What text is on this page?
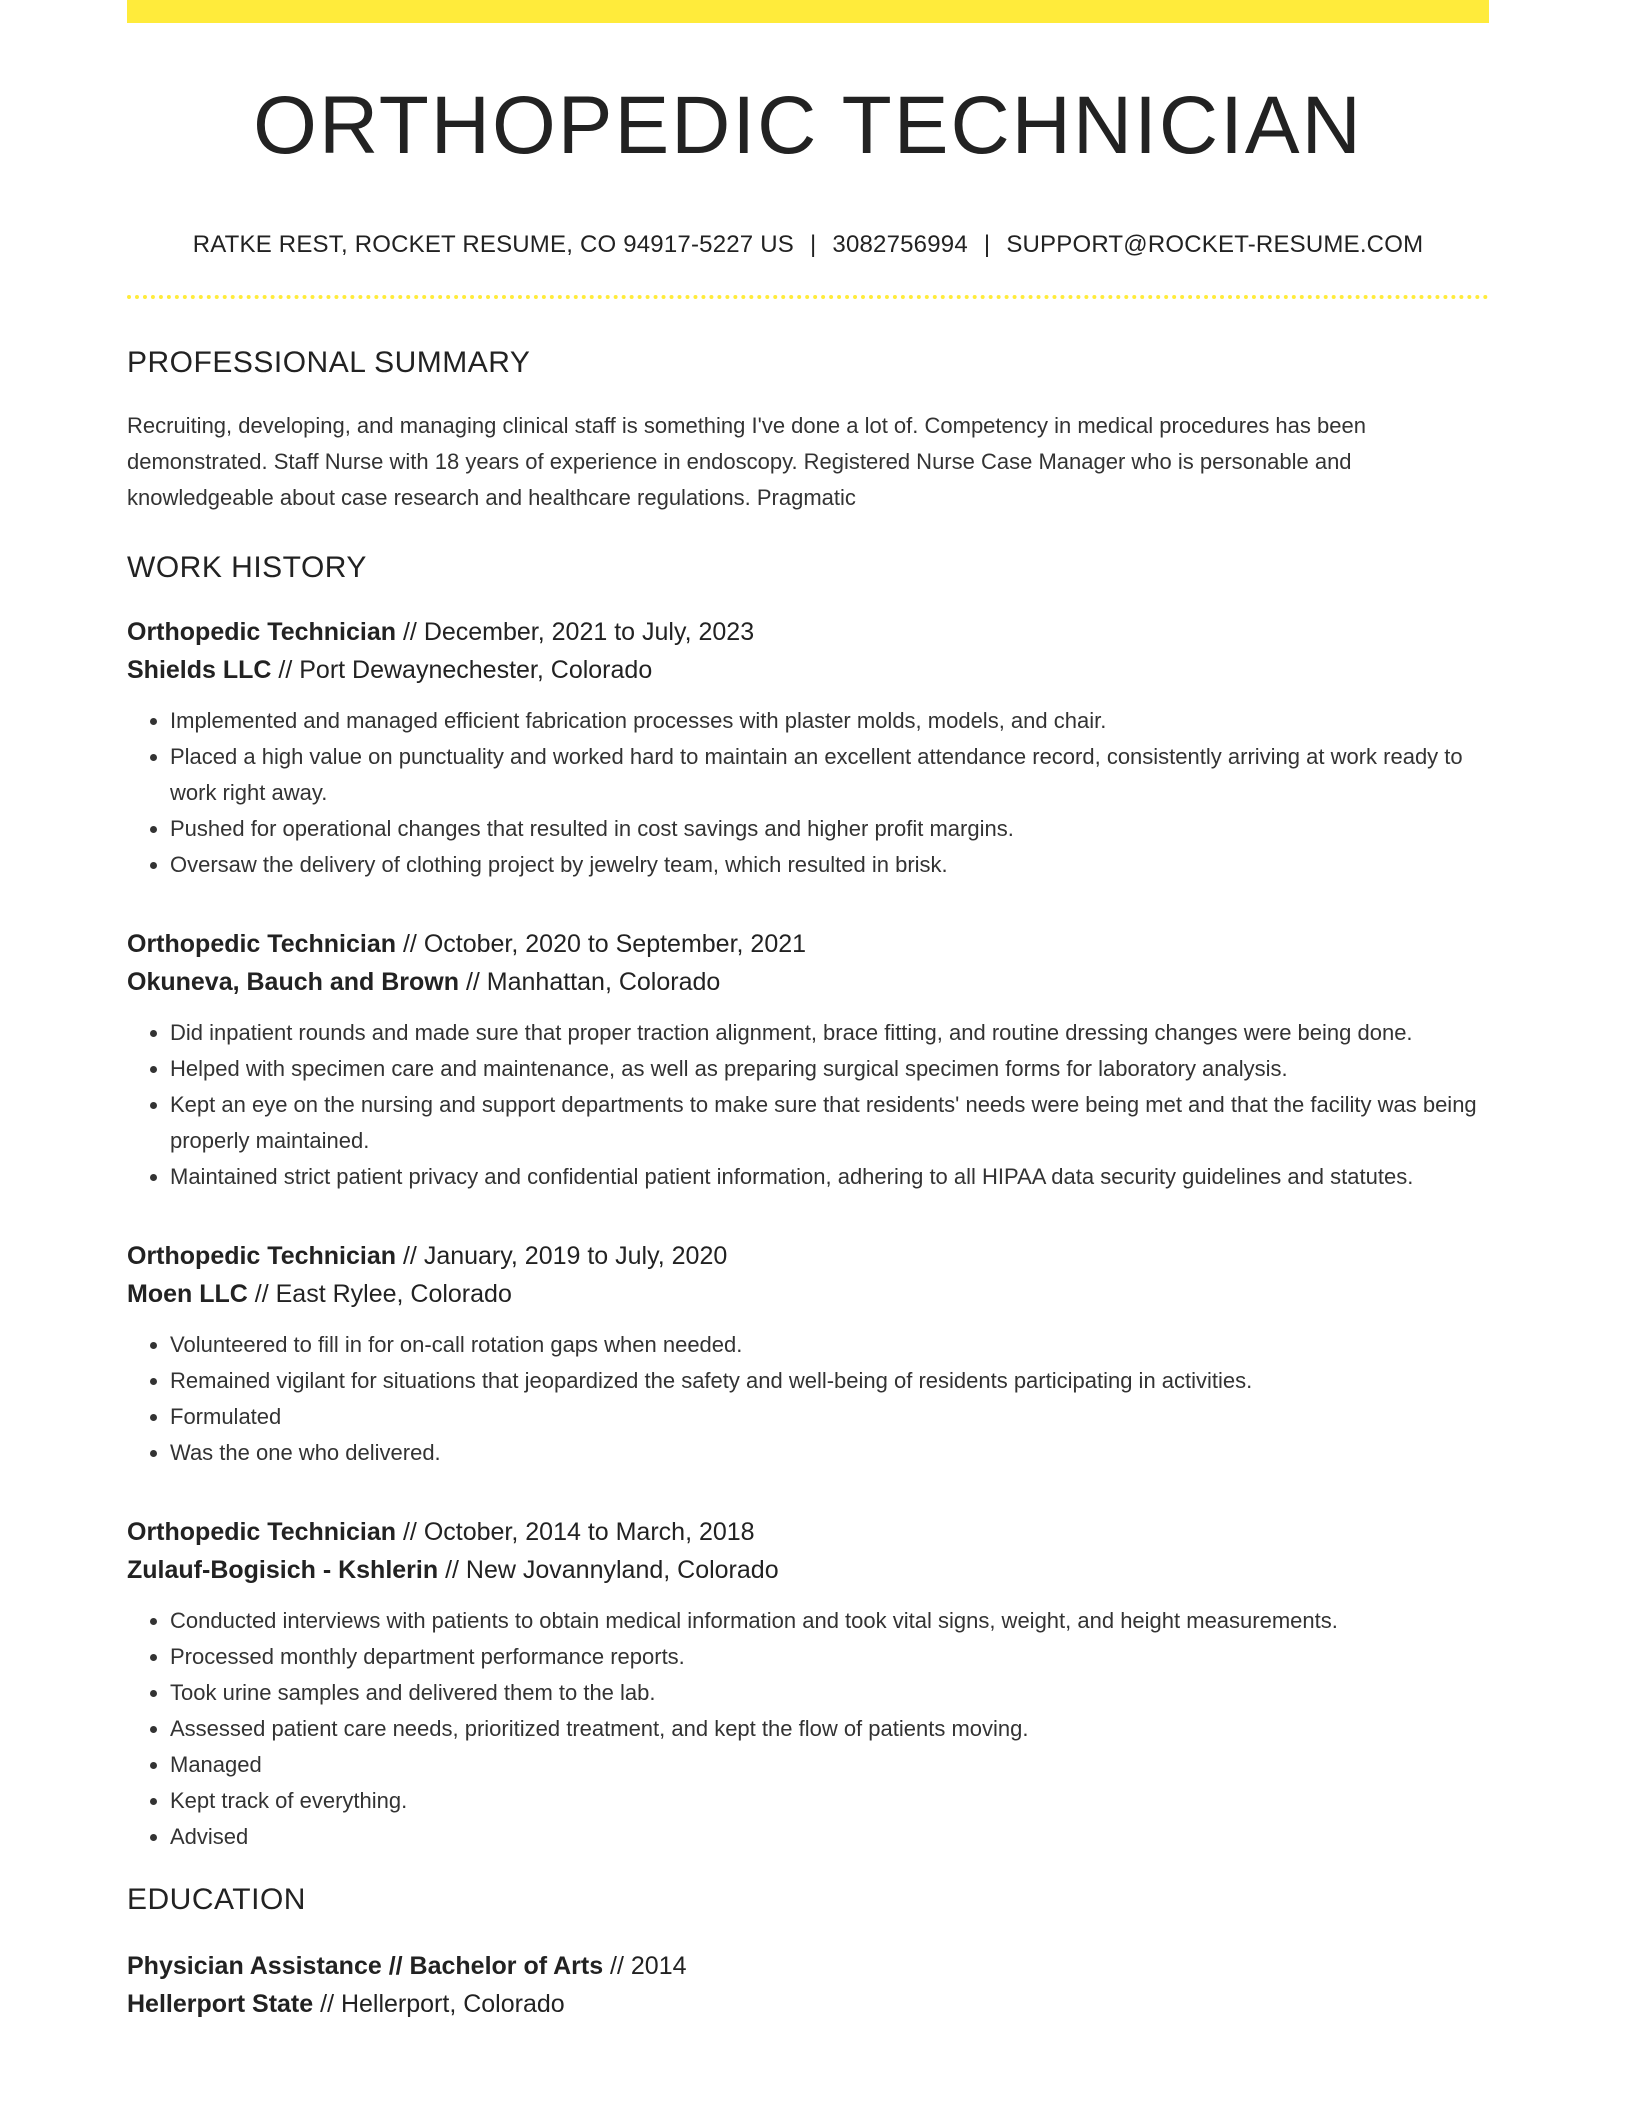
ORTHOPEDIC TECHNICIAN
RATKE REST, ROCKET RESUME, CO 94917-5227 US | 3082756994 | SUPPORT@ROCKET-RESUME.COM
PROFESSIONAL SUMMARY
Recruiting, developing, and managing clinical staff is something I've done a lot of. Competency in medical procedures has been demonstrated. Staff Nurse with 18 years of experience in endoscopy. Registered Nurse Case Manager who is personable and knowledgeable about case research and healthcare regulations. Pragmatic
WORK HISTORY
Orthopedic Technician // December, 2021 to July, 2023
Shields LLC // Port Dewaynechester, Colorado
• Implemented and managed efficient fabrication processes with plaster molds, models, and chair.
• Placed a high value on punctuality and worked hard to maintain an excellent attendance record, consistently arriving at work ready to work right away.
• Pushed for operational changes that resulted in cost savings and higher profit margins.
• Oversaw the delivery of clothing project by jewelry team, which resulted in brisk.
Orthopedic Technician // October, 2020 to September, 2021
Okuneva, Bauch and Brown // Manhattan, Colorado
• Did inpatient rounds and made sure that proper traction alignment, brace fitting, and routine dressing changes were being done.
• Helped with specimen care and maintenance, as well as preparing surgical specimen forms for laboratory analysis.
• Kept an eye on the nursing and support departments to make sure that residents' needs were being met and that the facility was being properly maintained.
• Maintained strict patient privacy and confidential patient information, adhering to all HIPAA data security guidelines and statutes.
Orthopedic Technician // January, 2019 to July, 2020
Moen LLC // East Rylee, Colorado
• Volunteered to fill in for on-call rotation gaps when needed.
• Remained vigilant for situations that jeopardized the safety and well-being of residents participating in activities.
• Formulated
• Was the one who delivered.
Orthopedic Technician // October, 2014 to March, 2018
Zulauf-Bogisich - Kshlerin // New Jovannyland, Colorado
• Conducted interviews with patients to obtain medical information and took vital signs, weight, and height measurements.
• Processed monthly department performance reports.
• Took urine samples and delivered them to the lab.
• Assessed patient care needs, prioritized treatment, and kept the flow of patients moving.
• Managed
• Kept track of everything.
• Advised
EDUCATION
Physician Assistance // Bachelor of Arts // 2014
Hellerport State // Hellerport, Colorado
